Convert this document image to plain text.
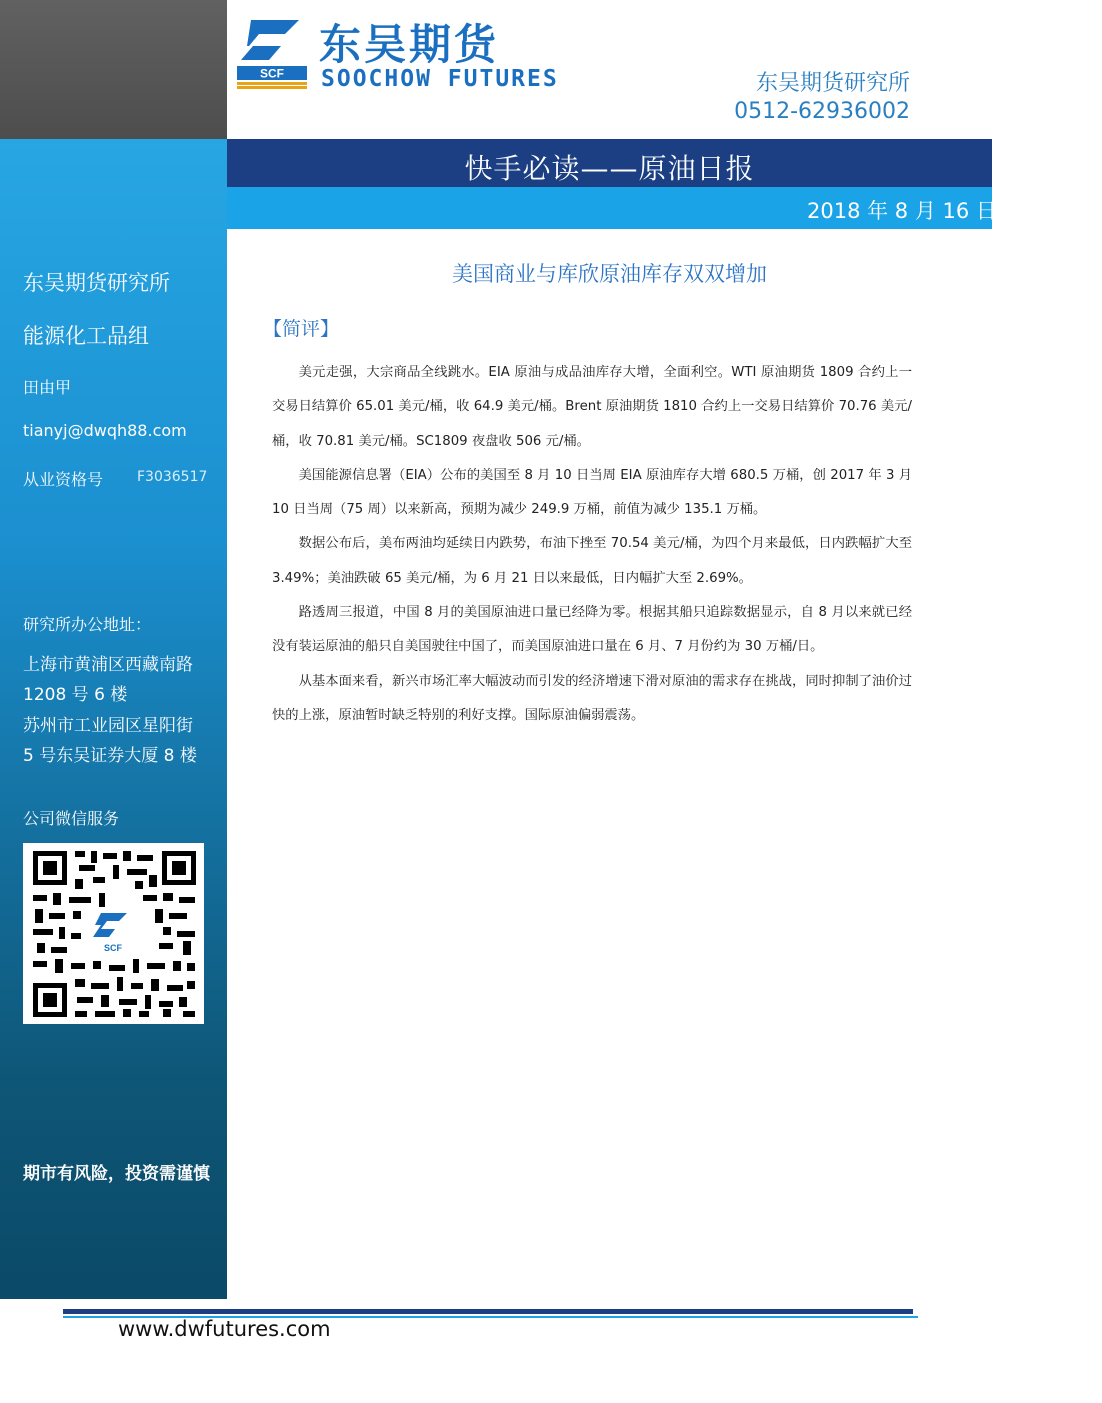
东吴期货研究所
能源化工品组
田由甲
tianyj@dwqh88.com
从业资格号 F3036517
研究所办公地址：
上海市黄浦区西藏南路
1208 号 6 楼
苏州市工业园区星阳街
5 号东吴证券大厦 8 楼
公司微信服务
SCF
期市有风险，投资需谨慎
SCF
东吴期货
SOOCHOW FUTURES	东吴期货研究所
0512-62936002
快手必读——原油日报
2018 年 8 月 16 日（星期四）
美国商业与库欣原油库存双双增加
【简评】

美元走强，大宗商品全线跳水。EIA 原油与成品油库存大增，全面利空。WTI 原油期货 1809 合约上一交易日结算价 65.01 美元/桶，收 64.9 美元/桶。Brent 原油期货 1810 合约上一交易日结算价 70.76 美元/桶，收 70.81 美元/桶。SC1809 夜盘收 506 元/桶。

美国能源信息署（EIA）公布的美国至 8 月 10 日当周 EIA 原油库存大增 680.5 万桶，创 2017 年 3 月 10 日当周（75 周）以来新高，预期为减少 249.9 万桶，前值为减少 135.1 万桶。

数据公布后，美布两油均延续日内跌势，布油下挫至 70.54 美元/桶，为四个月来最低，日内跌幅扩大至 3.49%；美油跌破 65 美元/桶，为 6 月 21 日以来最低，日内幅扩大至 2.69%。

路透周三报道，中国 8 月的美国原油进口量已经降为零。根据其船只追踪数据显示，自 8 月以来就已经没有装运原油的船只自美国驶往中国了，而美国原油进口量在 6 月、7 月份约为 30 万桶/日。

从基本面来看，新兴市场汇率大幅波动而引发的经济增速下滑对原油的需求存在挑战，同时抑制了油价过快的上涨，原油暂时缺乏特别的利好支撑。国际原油偏弱震荡。

www.dwfutures.com
